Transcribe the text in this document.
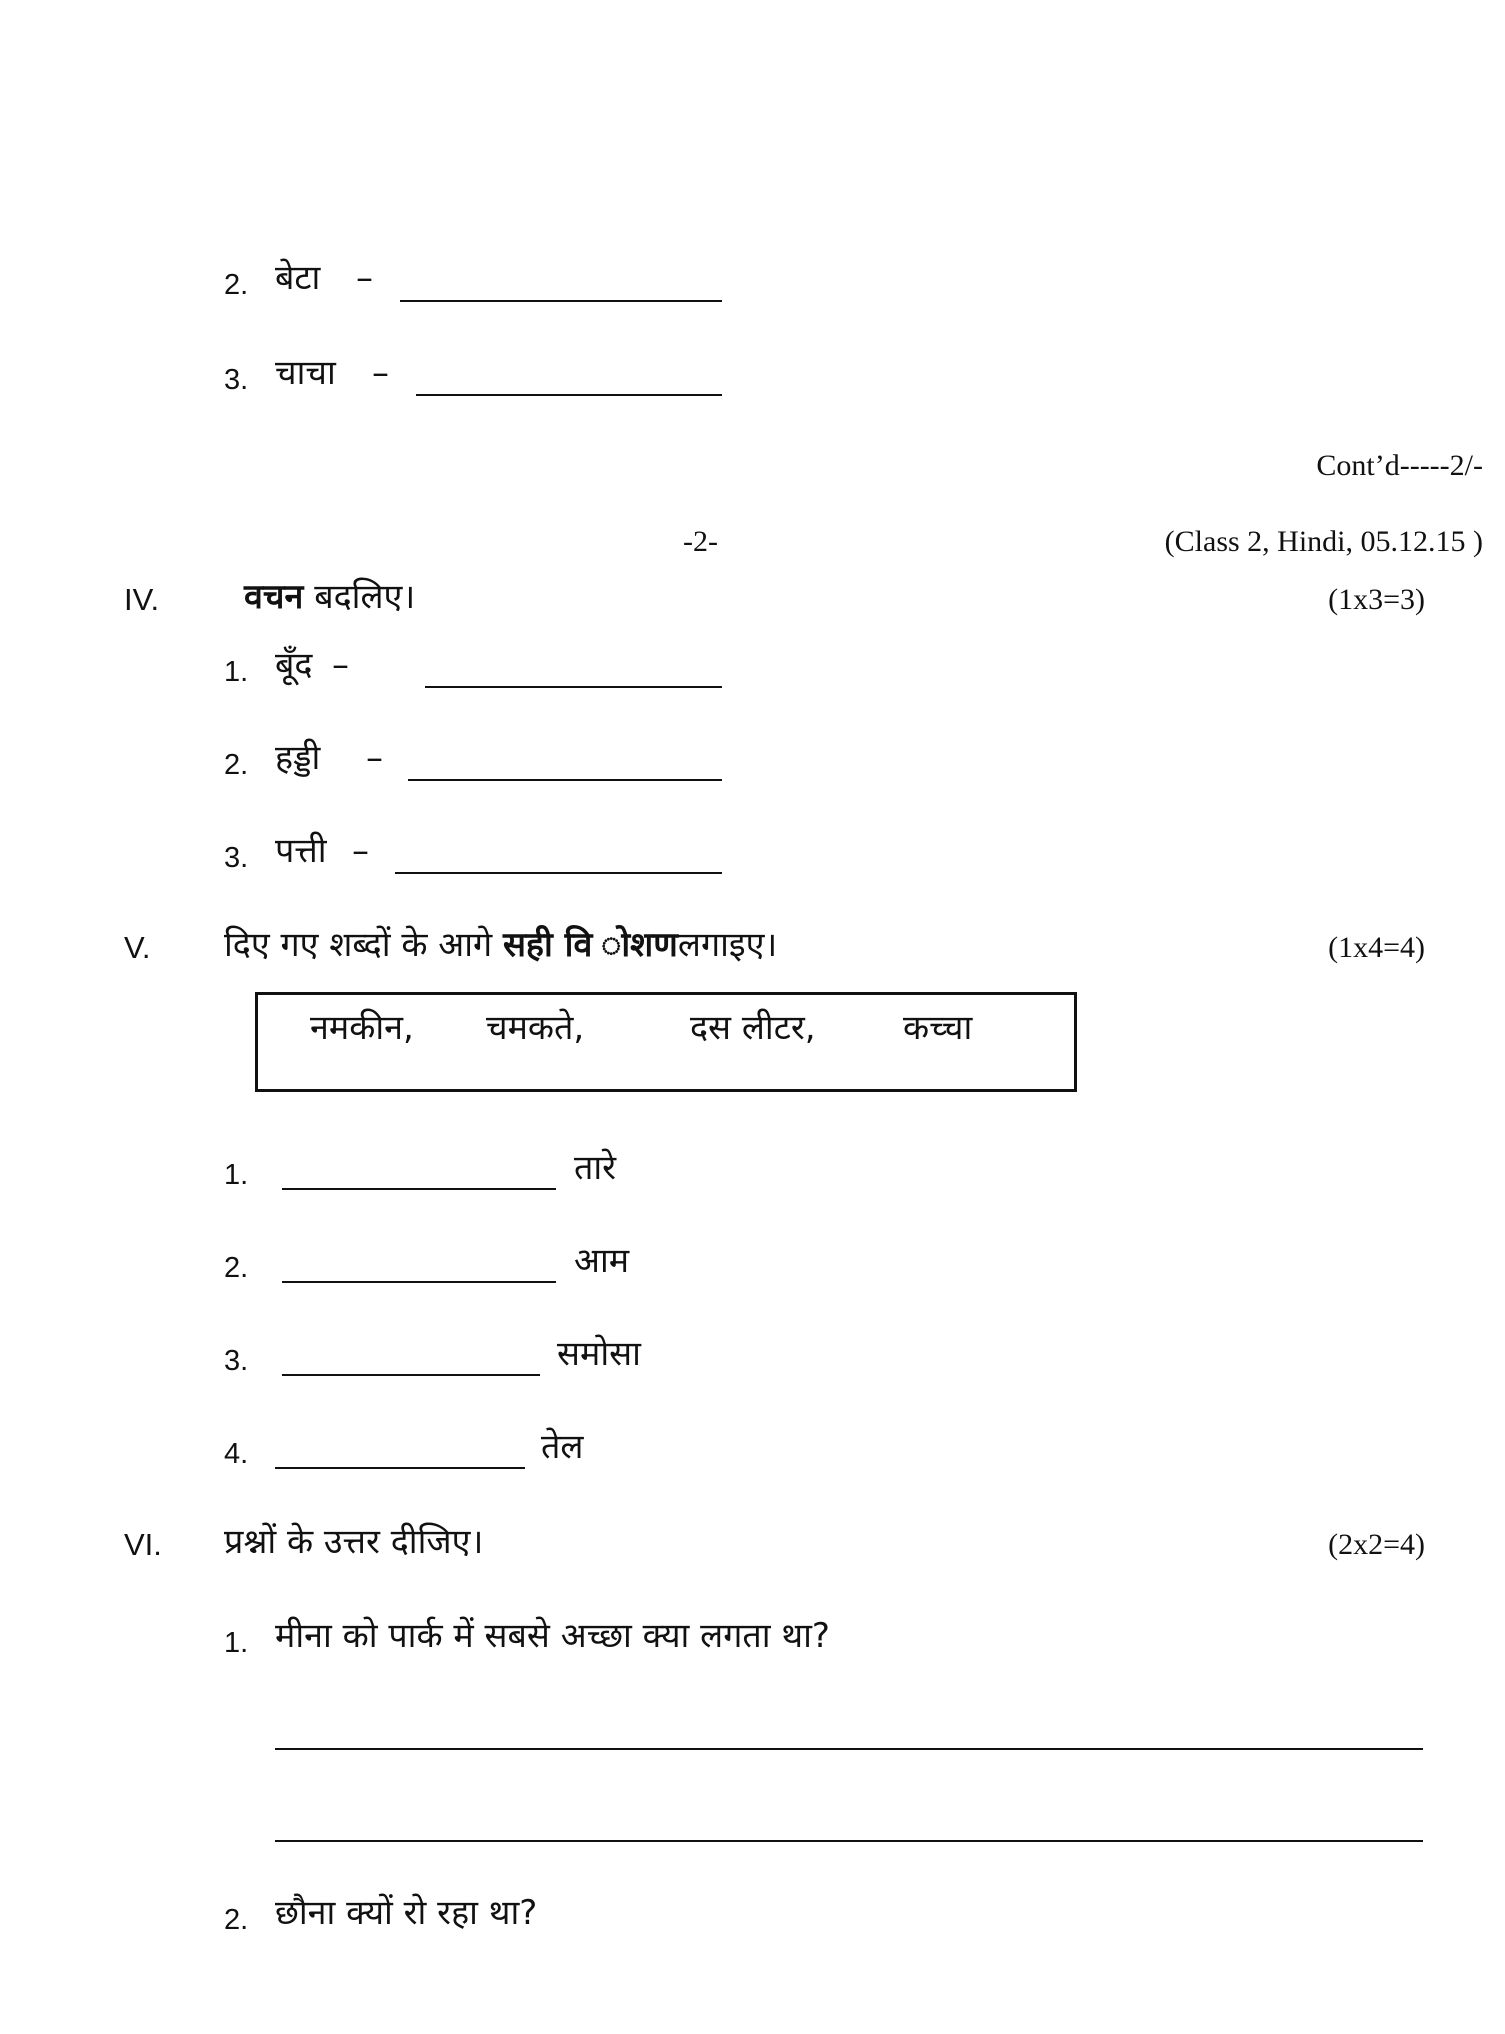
2. बेटा –
3. चाचा –
Cont’d-----2/-
-2-	(Class 2, Hindi, 05.12.15 )
IV. वचन बदलिए।	(1x3=3)
1. बूँद –
2. हड्डी –
3. पत्ती –
V. दिए गए शब्दों के आगे सही वि ोशणलगाइए।	(1x4=4)
नमकीन, चमकते,	दस लीटर,	कच्चा
1.	तारे
2.	आम
3.	समोसा
4.	तेल
VI. प्रश्नों के उत्तर दीजिए।	(2x2=4)
1. मीना को पार्क में सबसे अच्छा क्या लगता था?
2. छौना क्यों रो रहा था?
